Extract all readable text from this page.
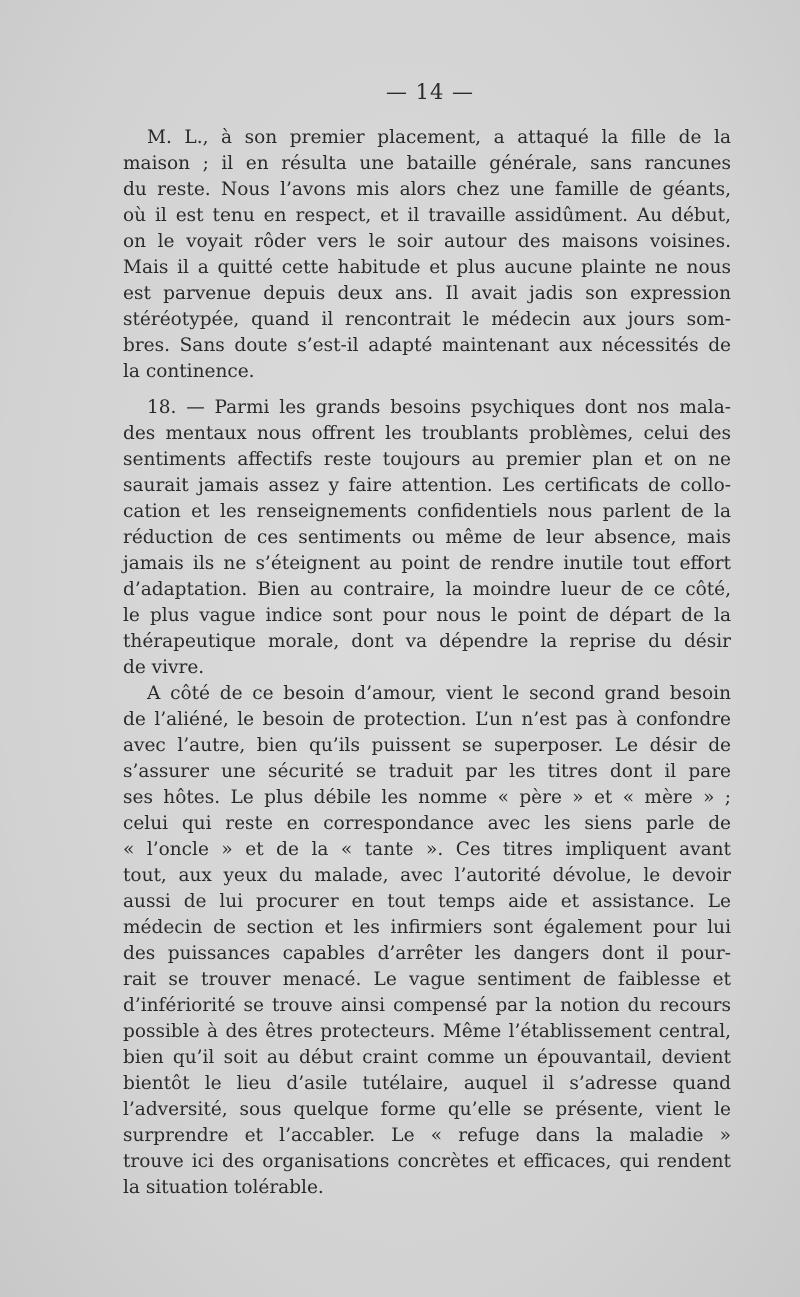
— 14 —
M. L., à son premier placement, a attaqué la fille de la
maison ; il en résulta une bataille générale, sans rancunes
du reste. Nous l’avons mis alors chez une famille de géants,
où il est tenu en respect, et il travaille assidûment. Au début,
on le voyait rôder vers le soir autour des maisons voisines.
Mais il a quitté cette habitude et plus aucune plainte ne nous
est parvenue depuis deux ans. Il avait jadis son expression
stéréotypée, quand il rencontrait le médecin aux jours som-
bres. Sans doute s’est-il adapté maintenant aux nécessités de
la continence.
18. — Parmi les grands besoins psychiques dont nos mala-
des mentaux nous offrent les troublants problèmes, celui des
sentiments affectifs reste toujours au premier plan et on ne
saurait jamais assez y faire attention. Les certificats de collo-
cation et les renseignements confidentiels nous parlent de la
réduction de ces sentiments ou même de leur absence, mais
jamais ils ne s’éteignent au point de rendre inutile tout effort
d’adaptation. Bien au contraire, la moindre lueur de ce côté,
le plus vague indice sont pour nous le point de départ de la
thérapeutique morale, dont va dépendre la reprise du désir
de vivre.
A côté de ce besoin d’amour, vient le second grand besoin
de l’aliéné, le besoin de protection. L’un n’est pas à confondre
avec l’autre, bien qu’ils puissent se superposer. Le désir de
s’assurer une sécurité se traduit par les titres dont il pare
ses hôtes. Le plus débile les nomme « père » et « mère » ;
celui qui reste en correspondance avec les siens parle de
« l’oncle » et de la « tante ». Ces titres impliquent avant
tout, aux yeux du malade, avec l’autorité dévolue, le devoir
aussi de lui procurer en tout temps aide et assistance. Le
médecin de section et les infirmiers sont également pour lui
des puissances capables d’arrêter les dangers dont il pour-
rait se trouver menacé. Le vague sentiment de faiblesse et
d’infériorité se trouve ainsi compensé par la notion du recours
possible à des êtres protecteurs. Même l’établissement central,
bien qu’il soit au début craint comme un épouvantail, devient
bientôt le lieu d’asile tutélaire, auquel il s’adresse quand
l’adversité, sous quelque forme qu’elle se présente, vient le
surprendre et l’accabler. Le « refuge dans la maladie »
trouve ici des organisations concrètes et efficaces, qui rendent
la situation tolérable.
